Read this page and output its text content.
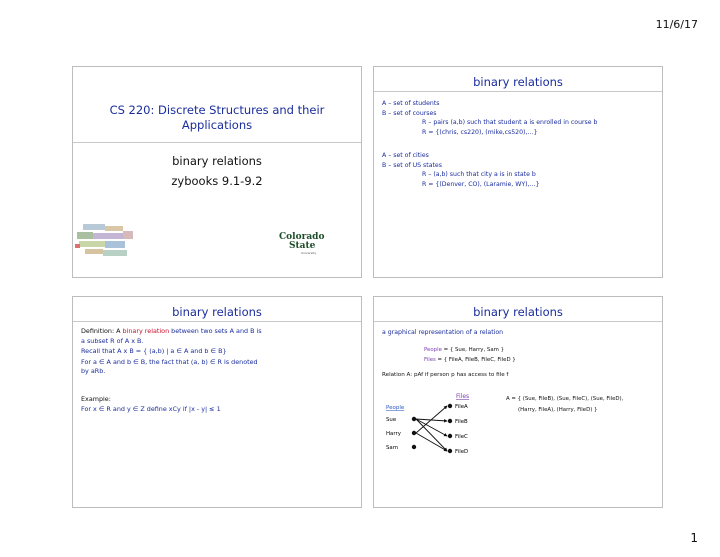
11/6/17
CS 220: Discrete Structures and their
Applications
binary relations
zybooks 9.1-9.2
Colorado
State
University
binary relations
A – set of students
B – set of courses
R – pairs (a,b) such that student a is enrolled in course b
R = {(chris, cs220), (mike,cs520),…}
A – set of cities
B – set of US states
R – (a,b) such that city a is in state b
R = {(Denver, CO), (Laramie, WY),…}
binary relations

Definition: A binary relation between two sets A and B is
a subset R of A x B.

Recall that A x B = { (a,b) | a ∈ A and b ∈ B}

For a ∈ A and b ∈ B, the fact that (a, b) ∈ R is denoted
by aRb.

Example:

For x ∈ R and y ∈ Z define xCy if |x - y| ≤ 1

binary relations
a graphical representation of a relation
People = { Sue, Harry, Sam }
Files = { FileA, FileB, FileC, FileD }
Relation A: pAf if person p has access to file f
Files
People
A = { (Sue, FileB), (Sue, FileC), (Sue, FileD),
(Harry, FileA), (Harry, FileD) }
Sue
Harry
Sam
FileA
FileB
FileC
FileD
1
